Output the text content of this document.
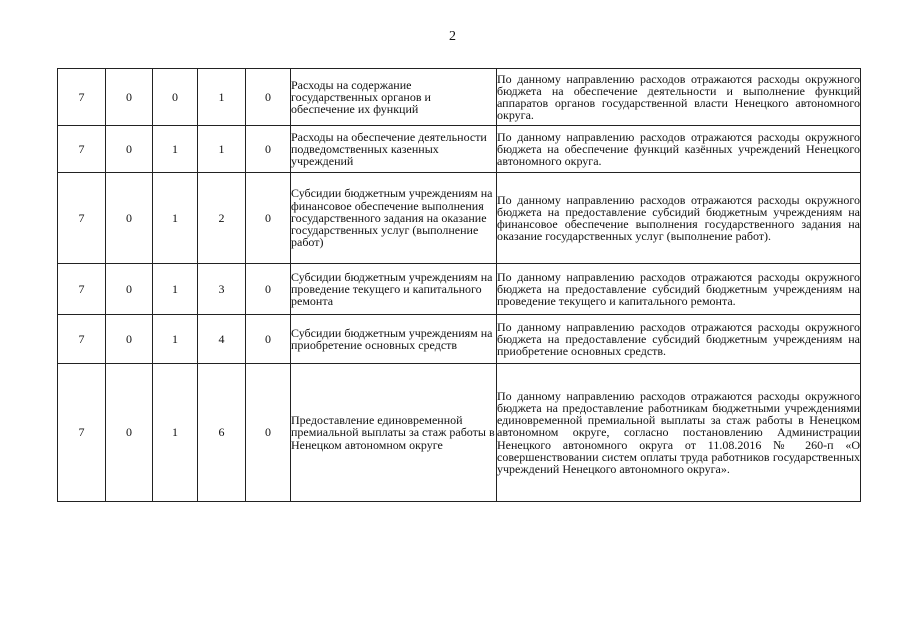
2
7	0	0	1	0	Расходы на содержание государственных органов и обеспечение их функций	По данному направлению расходов отражаются расходы окружного бюджета на обеспечение деятельности и выполнение функций аппаратов органов государственной власти Ненецкого автономного округа.
7	0	1	1	0	Расходы на обеспечение деятельности подведомственных казенных учреждений	По данному направлению расходов отражаются расходы окружного бюджета на обеспечение функций казённых учреждений Ненецкого автономного округа.
7	0	1	2	0	Субсидии бюджетным учреждениям на финансовое обеспечение выполнения государственного задания на оказание государственных услуг (выполнение работ)	По данному направлению расходов отражаются расходы окружного бюджета на предоставление субсидий бюджетным учреждениям на финансовое обеспечение выполнения государственного задания на оказание государственных услуг (выполнение работ).
7	0	1	3	0	Субсидии бюджетным учреждениям на проведение текущего и капитального ремонта	По данному направлению расходов отражаются расходы окружного бюджета на предоставление субсидий бюджетным учреждениям на проведение текущего и капитального ремонта.
7	0	1	4	0	Субсидии бюджетным учреждениям на приобретение основных средств	По данному направлению расходов отражаются расходы окружного бюджета на предоставление субсидий бюджетным учреждениям на приобретение основных средств.
7	0	1	6	0	Предоставление единовременной премиальной выплаты за стаж работы в Ненецком автономном округе	По данному направлению расходов отражаются расходы окружного бюджета на предоставление работникам бюджетными учреждениями единовременной премиальной выплаты за стаж работы в Ненецком автономном округе, согласно постановлению Администрации Ненецкого автономного округа от 11.08.2016 № 260-п «О совершенствовании систем оплаты труда работников государственных учреждений Ненецкого автономного округа».
